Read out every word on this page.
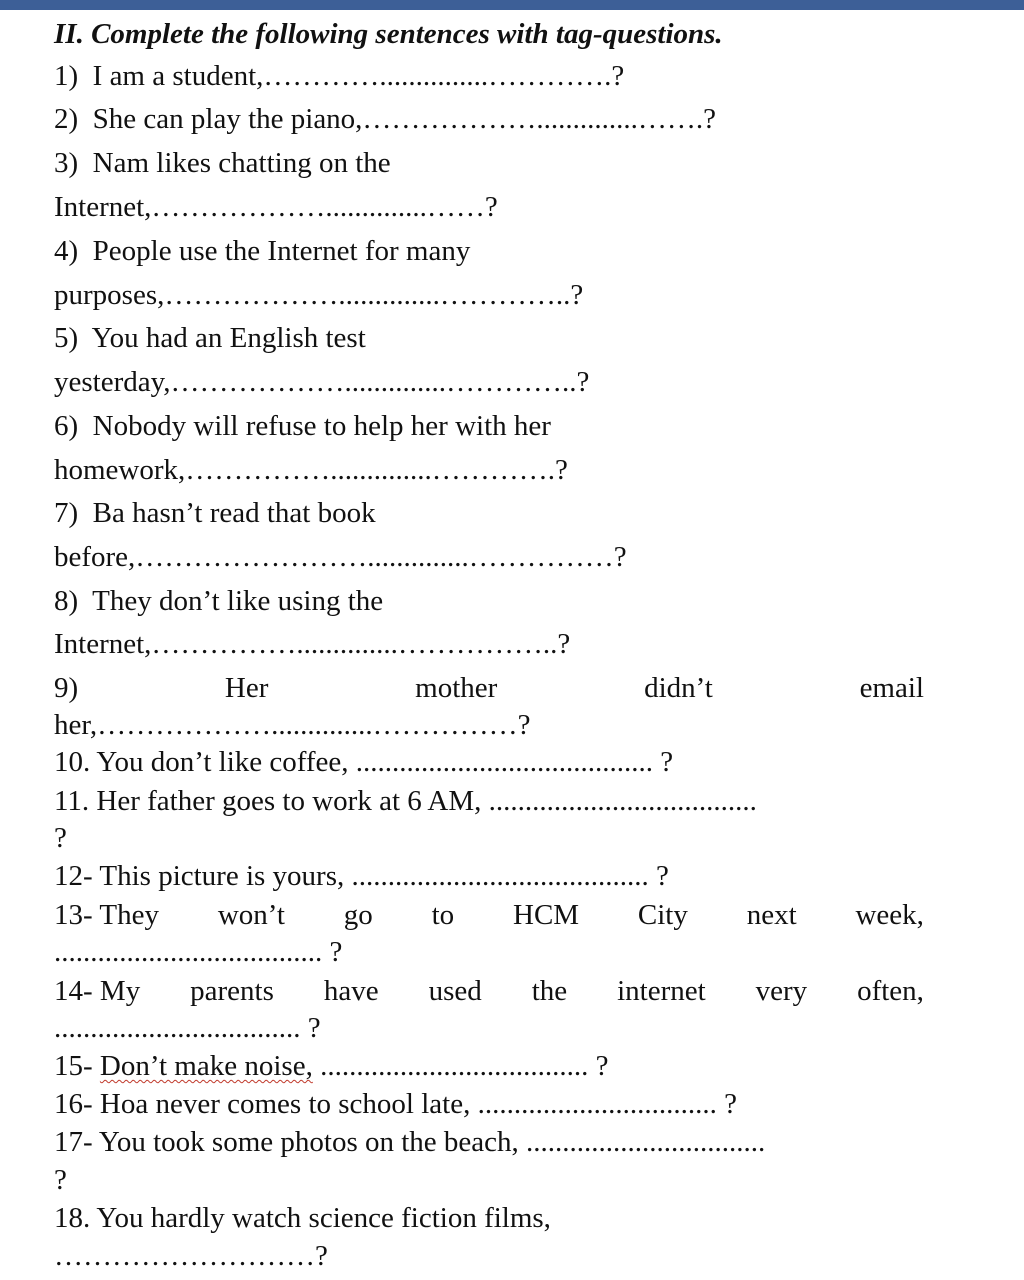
II. Complete the following sentences with tag-questions.
1)  I am a student,…………...............………….?
2)  She can play the piano,………………..............…….?
3)  Nam likes chatting on the
Internet,………………..............……?
4)  People use the Internet for many
purposes,………………..............…………..?
5)  You had an English test
yesterday,………………..............…………..?
6)  Nobody will refuse to help her with her
homework,……………..............………….?
7)  Ba hasn’t read that book
before,……………………..............……………?
8)  They don’t like using the
Internet,……………..............……………..?
9)	Her	mother	didn’t	email
her,………………..............……………?
10. You don’t like coffee, ......................................... ?
11. Her father goes to work at 6 AM, .....................................
?
12- This picture is yours, ......................................... ?
13- They won’t go to HCM City next week,
..................................... ?
14- My parents have used the internet very often,
.................................. ?
15- Don’t make noise, ..................................... ?
16- Hoa never comes to school late, ................................. ?
17- You took some photos on the beach, .................................
?
18. You hardly watch science fiction films,
………………………?
